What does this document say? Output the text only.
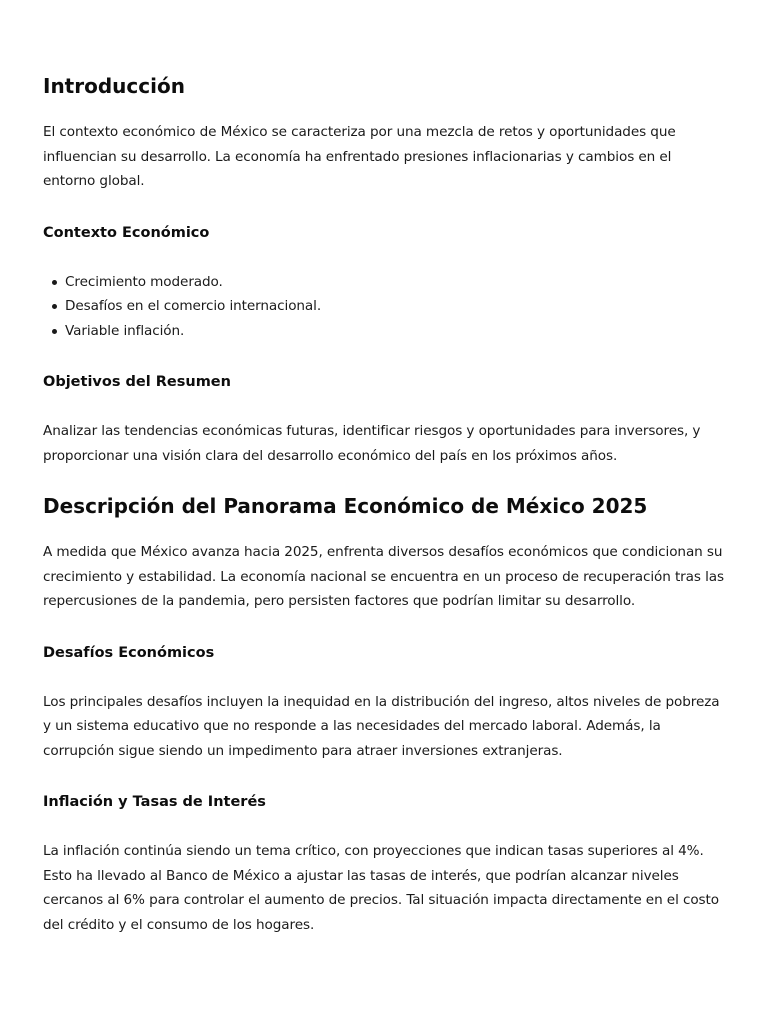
Introducción

El contexto económico de México se caracteriza por una mezcla de retos y oportunidades que influencian su desarrollo. La economía ha enfrentado presiones inflacionarias y cambios en el entorno global.

Contexto Económico
Crecimiento moderado.
Desafíos en el comercio internacional.
Variable inflación.
Objetivos del Resumen

Analizar las tendencias económicas futuras, identificar riesgos y oportunidades para inversores, y proporcionar una visión clara del desarrollo económico del país en los próximos años.

Descripción del Panorama Económico de México 2025

A medida que México avanza hacia 2025, enfrenta diversos desafíos económicos que condicionan su crecimiento y estabilidad. La economía nacional se encuentra en un proceso de recuperación tras las repercusiones de la pandemia, pero persisten factores que podrían limitar su desarrollo.

Desafíos Económicos

Los principales desafíos incluyen la inequidad en la distribución del ingreso, altos niveles de pobreza y un sistema educativo que no responde a las necesidades del mercado laboral. Además, la corrupción sigue siendo un impedimento para atraer inversiones extranjeras.

Inflación y Tasas de Interés

La inflación continúa siendo un tema crítico, con proyecciones que indican tasas superiores al 4%. Esto ha llevado al Banco de México a ajustar las tasas de interés, que podrían alcanzar niveles cercanos al 6% para controlar el aumento de precios. Tal situación impacta directamente en el costo del crédito y el consumo de los hogares.
